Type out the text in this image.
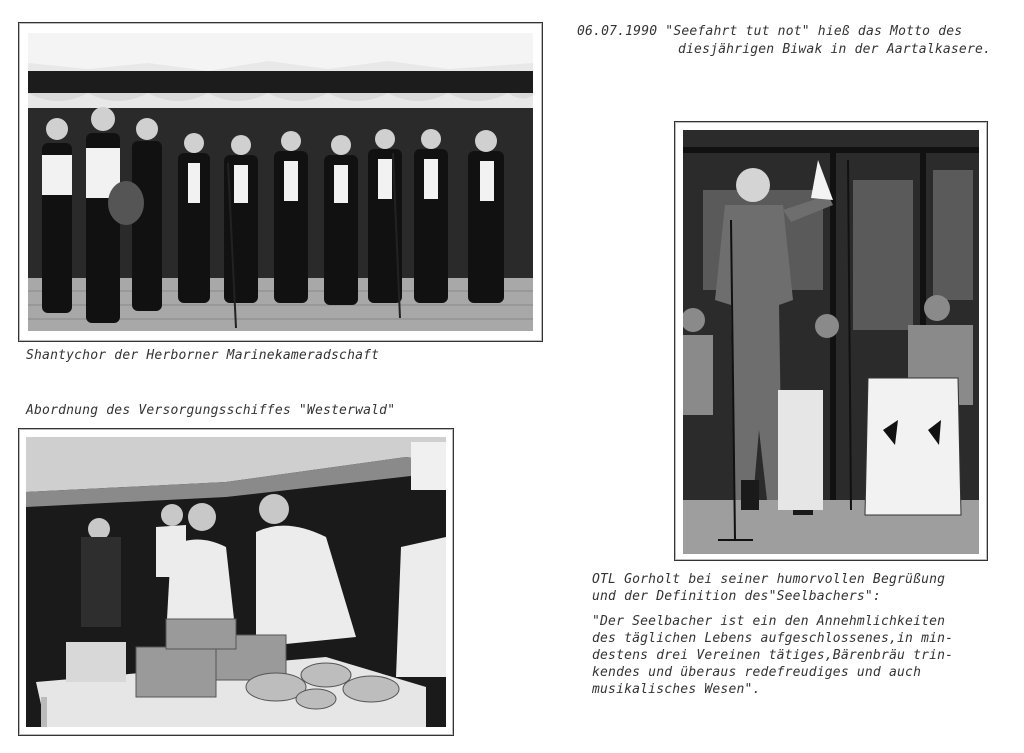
06.07.1990 "Seefahrt tut not" hieß das Motto des
diesjährigen Biwak in der Aartalkasere.
Shantychor der Herborner Marinekameradschaft
Abordnung des Versorgungsschiffes "Westerwald"
OTL Gorholt bei seiner humorvollen Begrüßung
und der Definition des"Seelbachers":
"Der Seelbacher ist ein den Annehmlichkeiten
des täglichen Lebens aufgeschlossenes,in min-
destens drei Vereinen tätiges,Bärenbräu trin-
kendes und überaus redefreudiges und auch
musikalisches Wesen".
